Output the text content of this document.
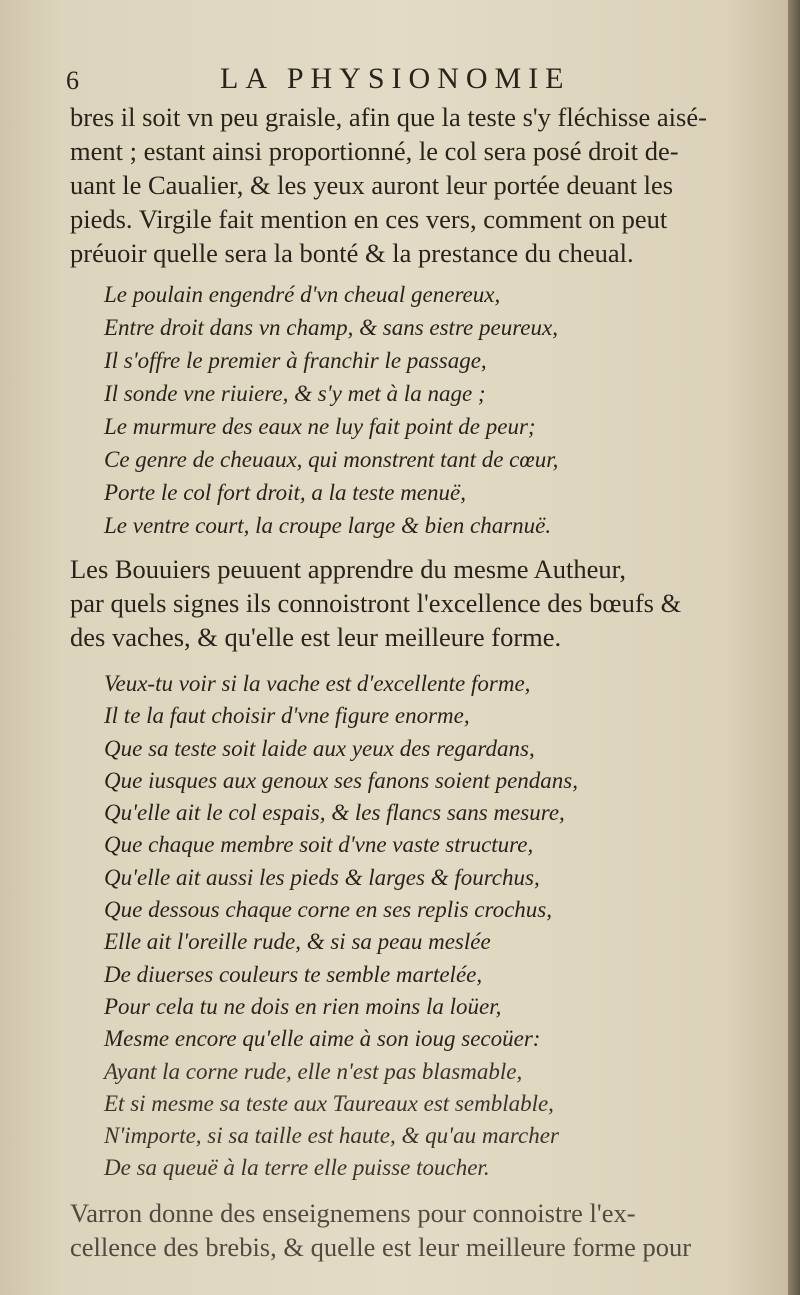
6	LA PHYSIONOMIE

bres il soit vn peu graisle, afin que la teste s'y fléchisse aisé-
ment ; estant ainsi proportionné, le col sera posé droit de-
uant le Caualier, & les yeux auront leur portée deuant les
pieds. Virgile fait mention en ces vers, comment on peut
préuoir quelle sera la bonté & la prestance du cheual.

Le poulain engendré d'vn cheual genereux,
Entre droit dans vn champ, & sans estre peureux,
Il s'offre le premier à franchir le passage,
Il sonde vne riuiere, & s'y met à la nage ;
Le murmure des eaux ne luy fait point de peur;
Ce genre de cheuaux, qui monstrent tant de cœur,
Porte le col fort droit, a la teste menuë,
Le ventre court, la croupe large & bien charnuë.

Les Bouuiers peuuent apprendre du mesme Autheur,
par quels signes ils connoistront l'excellence des bœufs &
des vaches, & qu'elle est leur meilleure forme.

Veux-tu voir si la vache est d'excellente forme,
Il te la faut choisir d'vne figure enorme,
Que sa teste soit laide aux yeux des regardans,
Que iusques aux genoux ses fanons soient pendans,
Qu'elle ait le col espais, & les flancs sans mesure,
Que chaque membre soit d'vne vaste structure,
Qu'elle ait aussi les pieds & larges & fourchus,
Que dessous chaque corne en ses replis crochus,
Elle ait l'oreille rude, & si sa peau meslée
De diuerses couleurs te semble martelée,
Pour cela tu ne dois en rien moins la loüer,
Mesme encore qu'elle aime à son ioug secoüer:
Ayant la corne rude, elle n'est pas blasmable,
Et si mesme sa teste aux Taureaux est semblable,
N'importe, si sa taille est haute, & qu'au marcher
De sa queuë à la terre elle puisse toucher.

Varron donne des enseignemens pour connoistre l'ex-
cellence des brebis, & quelle est leur meilleure forme pour
